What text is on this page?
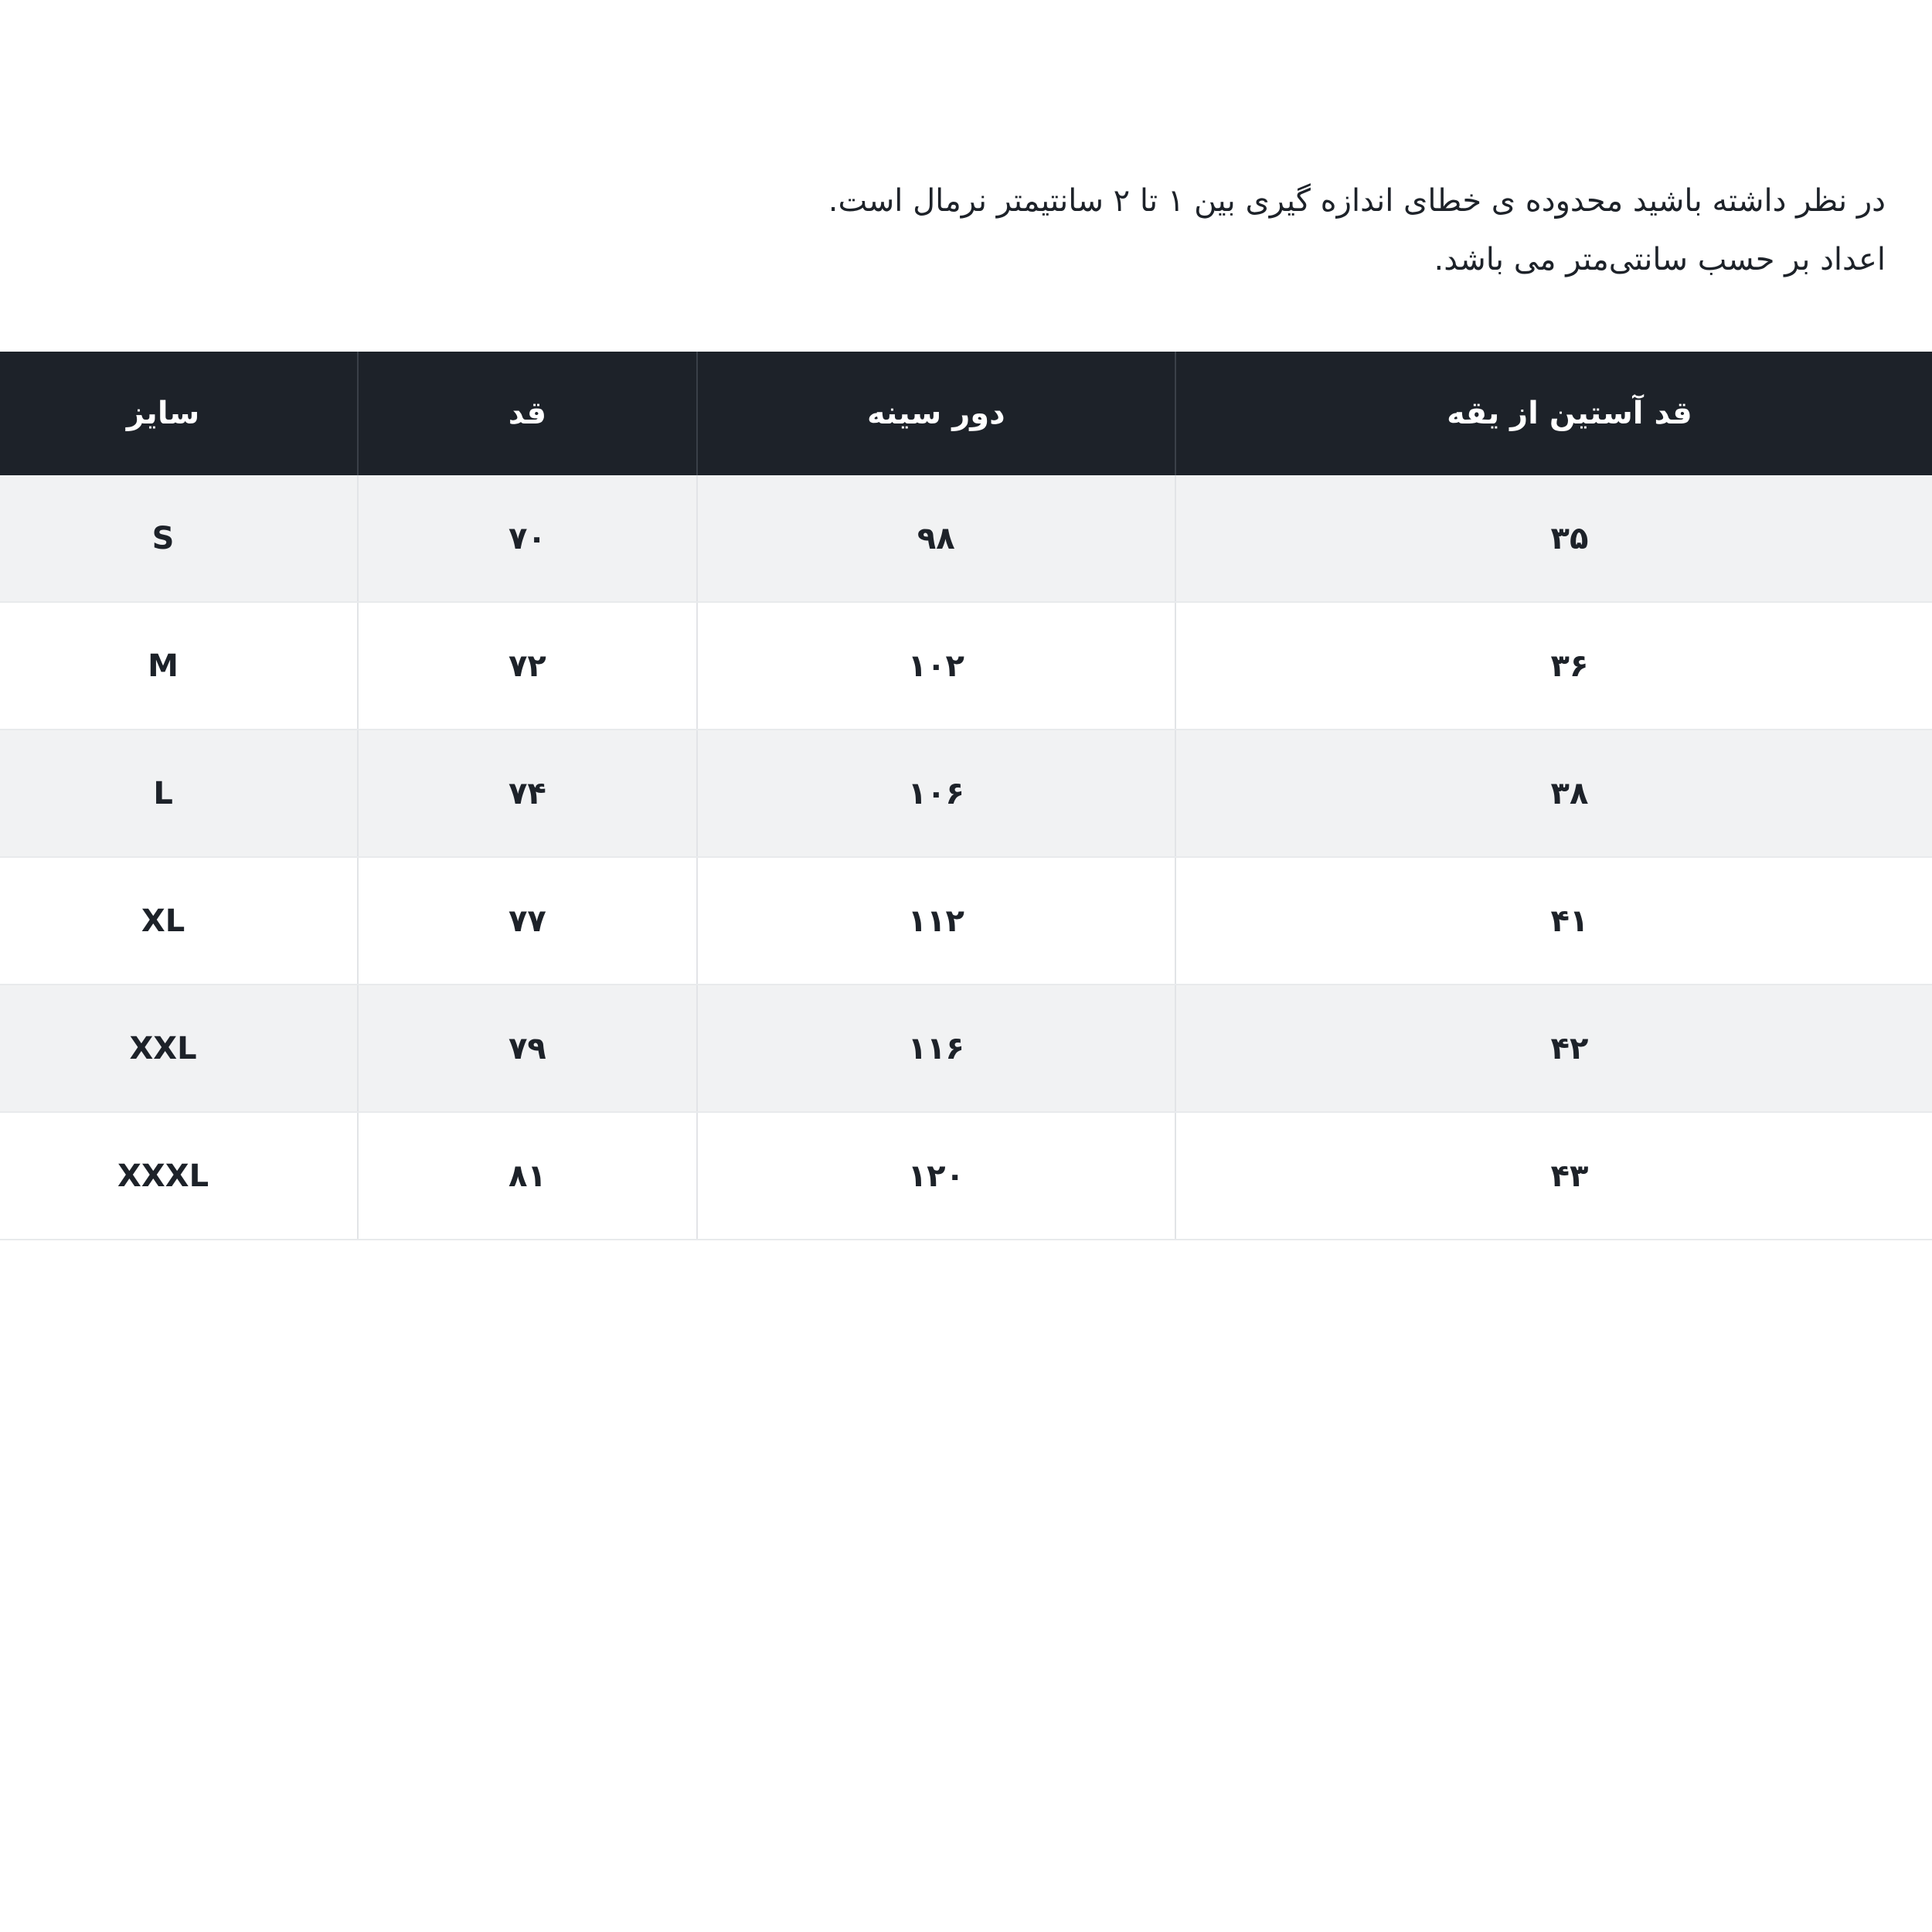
در نظر داشته باشید محدوده ی خطای اندازه گیری بین ۱ تا ۲ سانتیمتر نرمال است.
اعداد بر حسب سانتی‌متر می باشد.
قد آستین از یقه	دور سینه	قد	سایز
۳۵	۹۸	۷۰	S
۳۶	۱۰۲	۷۲	M
۳۸	۱۰۶	۷۴	L
۴۱	۱۱۲	۷۷	XL
۴۲	۱۱۶	۷۹	XXL
۴۳	۱۲۰	۸۱	XXXL
